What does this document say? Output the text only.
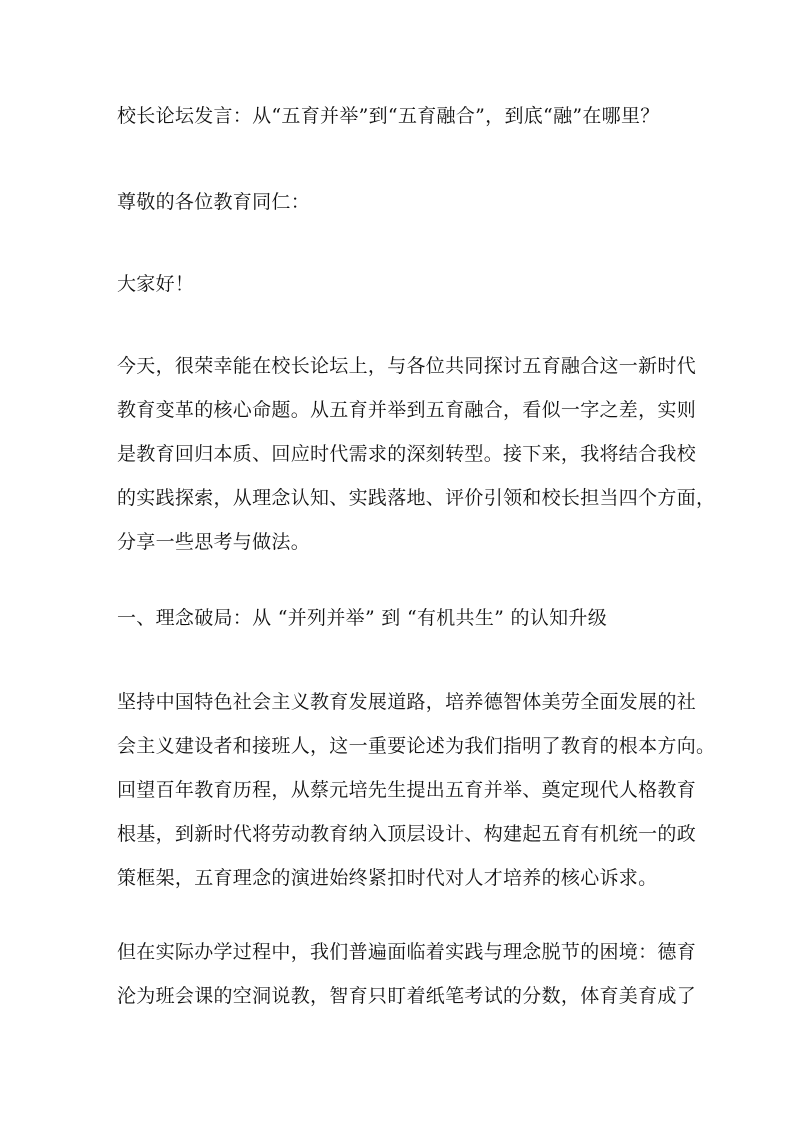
校长论坛发言：从“五育并举”到“五育融合”，到底“融”在哪里？
尊敬的各位教育同仁：
大家好！
今天，很荣幸能在校长论坛上，与各位共同探讨五育融合这一新时代
教育变革的核心命题。从五育并举到五育融合，看似一字之差，实则
是教育回归本质、回应时代需求的深刻转型。接下来，我将结合我校
的实践探索，从理念认知、实践落地、评价引领和校长担当四个方面，
分享一些思考与做法。
一、理念破局：从 “并列并举” 到 “有机共生” 的认知升级
坚持中国特色社会主义教育发展道路，培养德智体美劳全面发展的社
会主义建设者和接班人，这一重要论述为我们指明了教育的根本方向。
回望百年教育历程，从蔡元培先生提出五育并举、奠定现代人格教育
根基，到新时代将劳动教育纳入顶层设计、构建起五育有机统一的政
策框架，五育理念的演进始终紧扣时代对人才培养的核心诉求。
但在实际办学过程中，我们普遍面临着实践与理念脱节的困境：德育
沦为班会课的空洞说教，智育只盯着纸笔考试的分数，体育美育成了
